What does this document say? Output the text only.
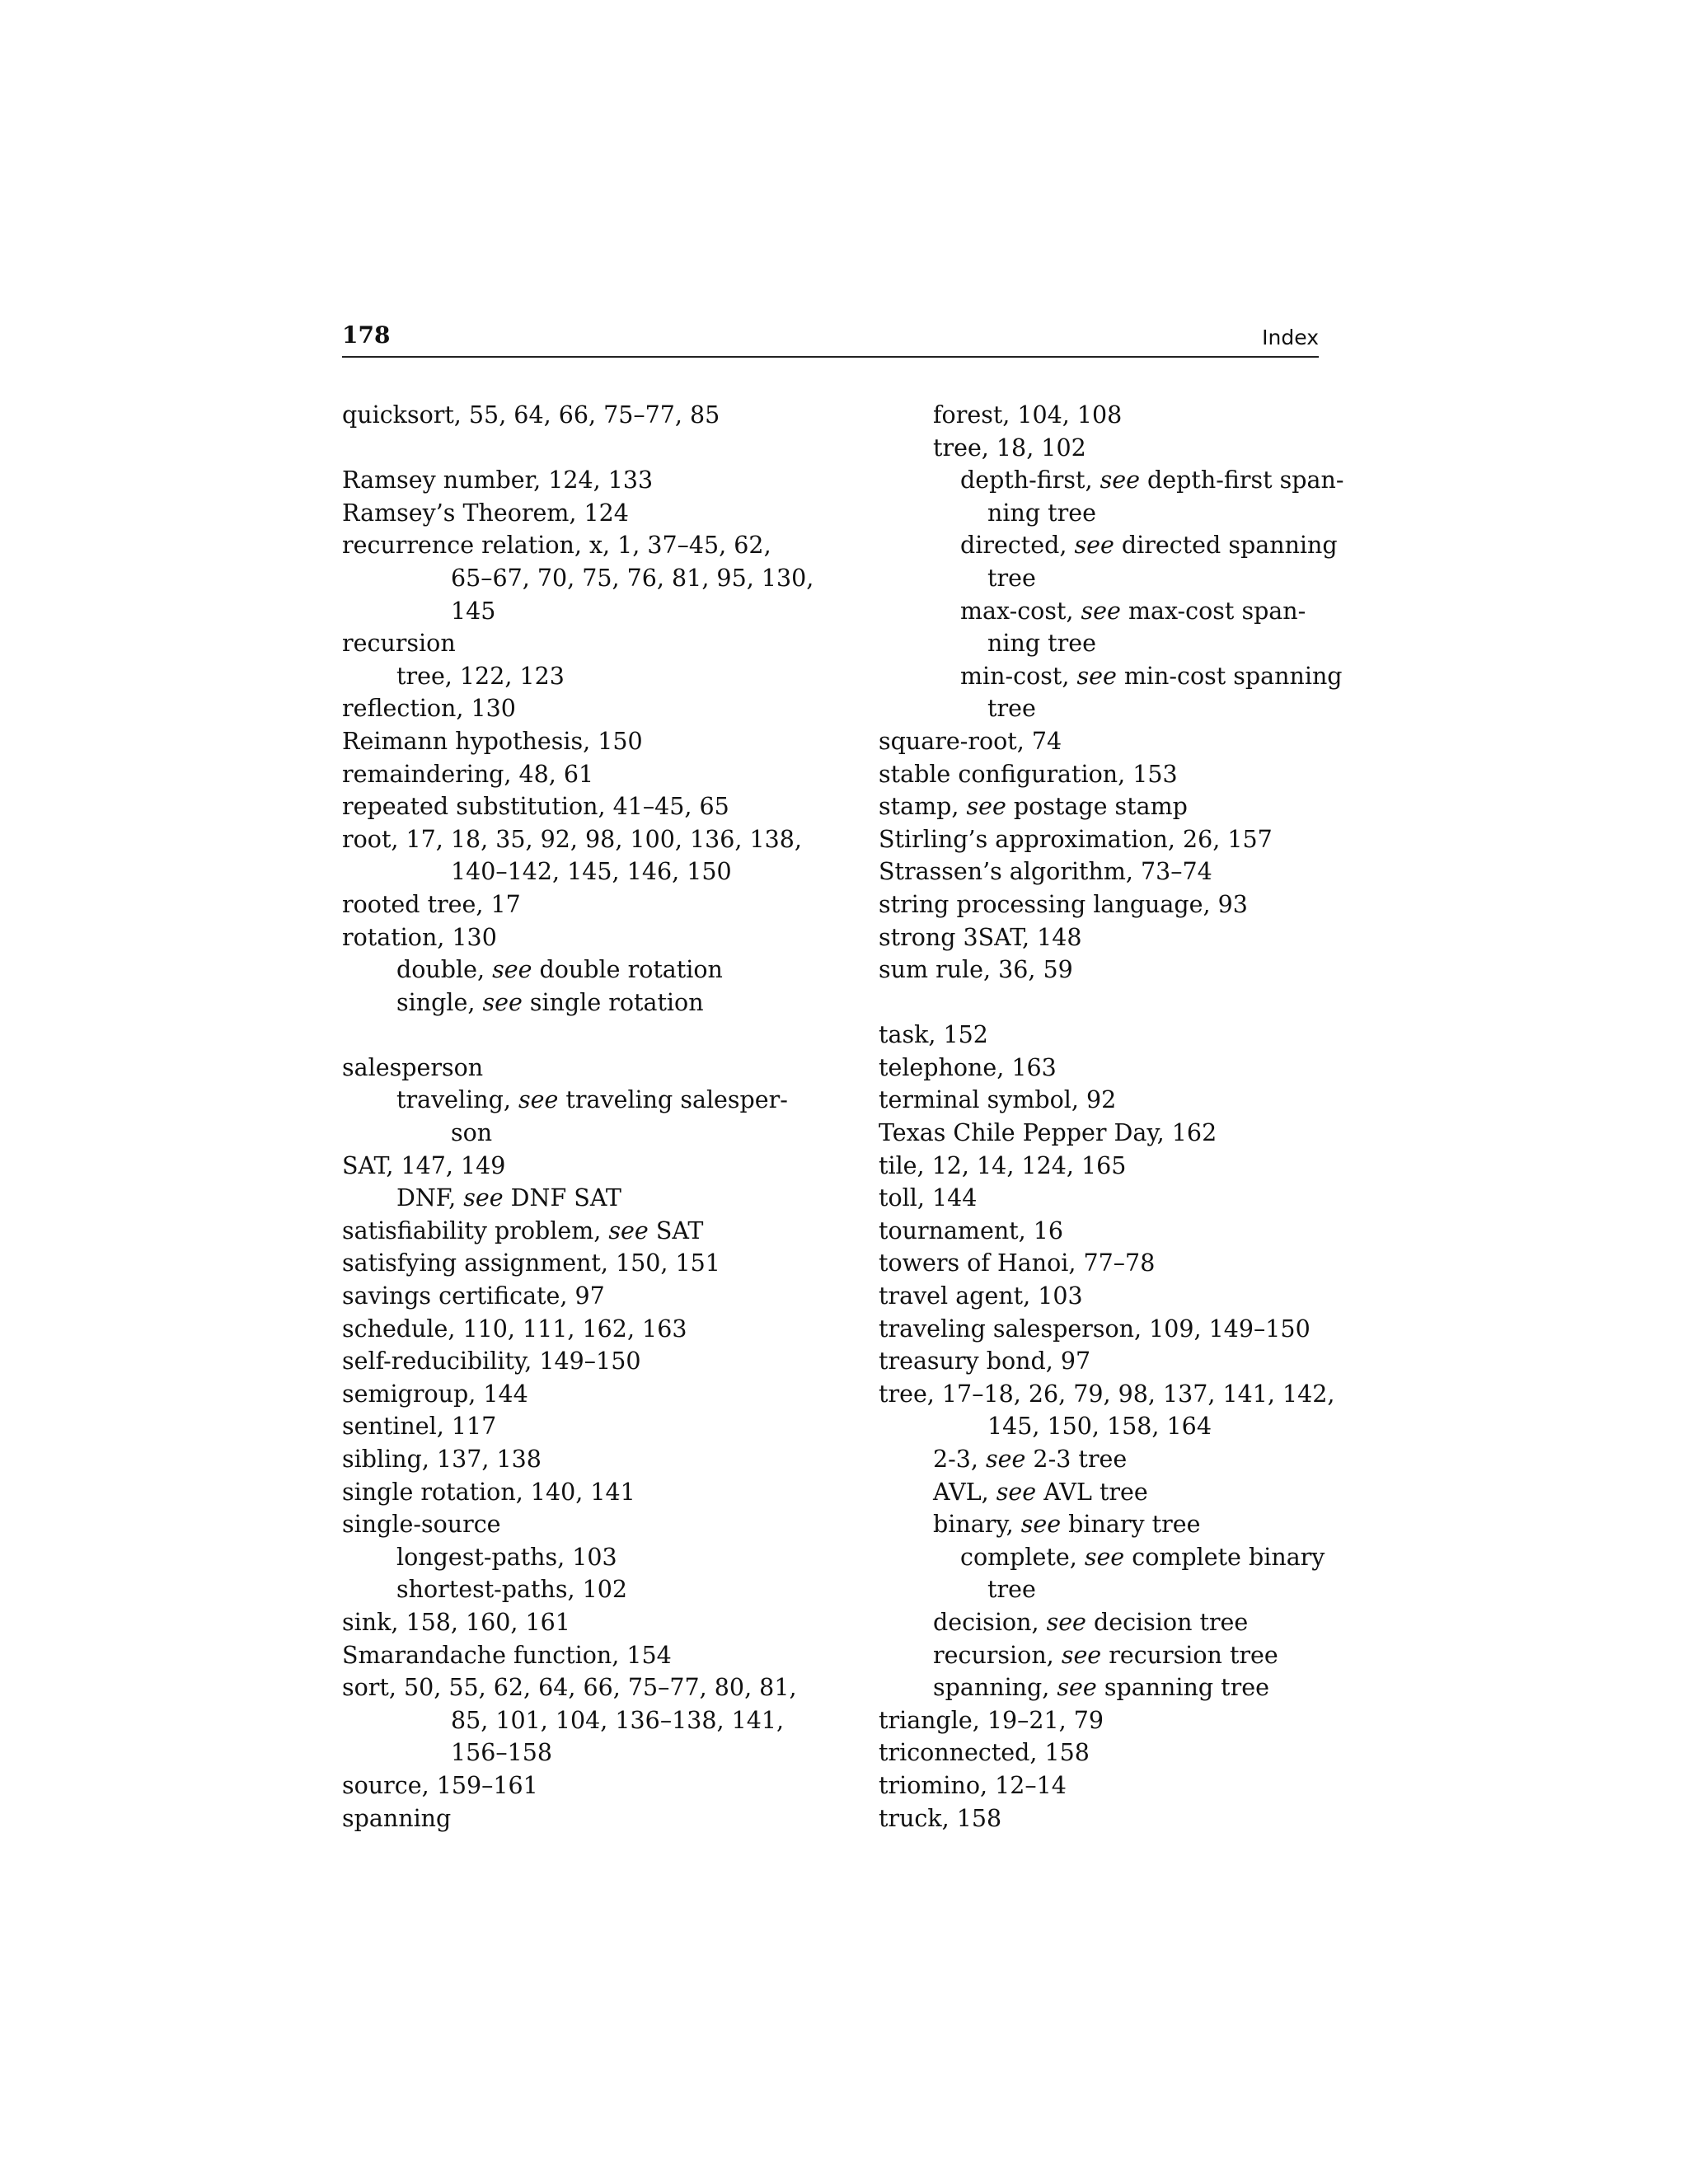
178	Index
quicksort, 55, 64, 66, 75–77, 85
Ramsey number, 124, 133
Ramsey’s Theorem, 124
recurrence relation, x, 1, 37–45, 62,
65–67, 70, 75, 76, 81, 95, 130,
145
recursion
tree, 122, 123
reflection, 130
Reimann hypothesis, 150
remaindering, 48, 61
repeated substitution, 41–45, 65
root, 17, 18, 35, 92, 98, 100, 136, 138,
140–142, 145, 146, 150
rooted tree, 17
rotation, 130
double, see double rotation
single, see single rotation
salesperson
traveling, see traveling salesper-
son
SAT, 147, 149
DNF, see DNF SAT
satisfiability problem, see SAT
satisfying assignment, 150, 151
savings certificate, 97
schedule, 110, 111, 162, 163
self-reducibility, 149–150
semigroup, 144
sentinel, 117
sibling, 137, 138
single rotation, 140, 141
single-source
longest-paths, 103
shortest-paths, 102
sink, 158, 160, 161
Smarandache function, 154
sort, 50, 55, 62, 64, 66, 75–77, 80, 81,
85, 101, 104, 136–138, 141,
156–158
source, 159–161
spanning
forest, 104, 108
tree, 18, 102
depth-first, see depth-first span-
ning tree
directed, see directed spanning
tree
max-cost, see max-cost span-
ning tree
min-cost, see min-cost spanning
tree
square-root, 74
stable configuration, 153
stamp, see postage stamp
Stirling’s approximation, 26, 157
Strassen’s algorithm, 73–74
string processing language, 93
strong 3SAT, 148
sum rule, 36, 59
task, 152
telephone, 163
terminal symbol, 92
Texas Chile Pepper Day, 162
tile, 12, 14, 124, 165
toll, 144
tournament, 16
towers of Hanoi, 77–78
travel agent, 103
traveling salesperson, 109, 149–150
treasury bond, 97
tree, 17–18, 26, 79, 98, 137, 141, 142,
145, 150, 158, 164
2-3, see 2-3 tree
AVL, see AVL tree
binary, see binary tree
complete, see complete binary
tree
decision, see decision tree
recursion, see recursion tree
spanning, see spanning tree
triangle, 19–21, 79
triconnected, 158
triomino, 12–14
truck, 158
